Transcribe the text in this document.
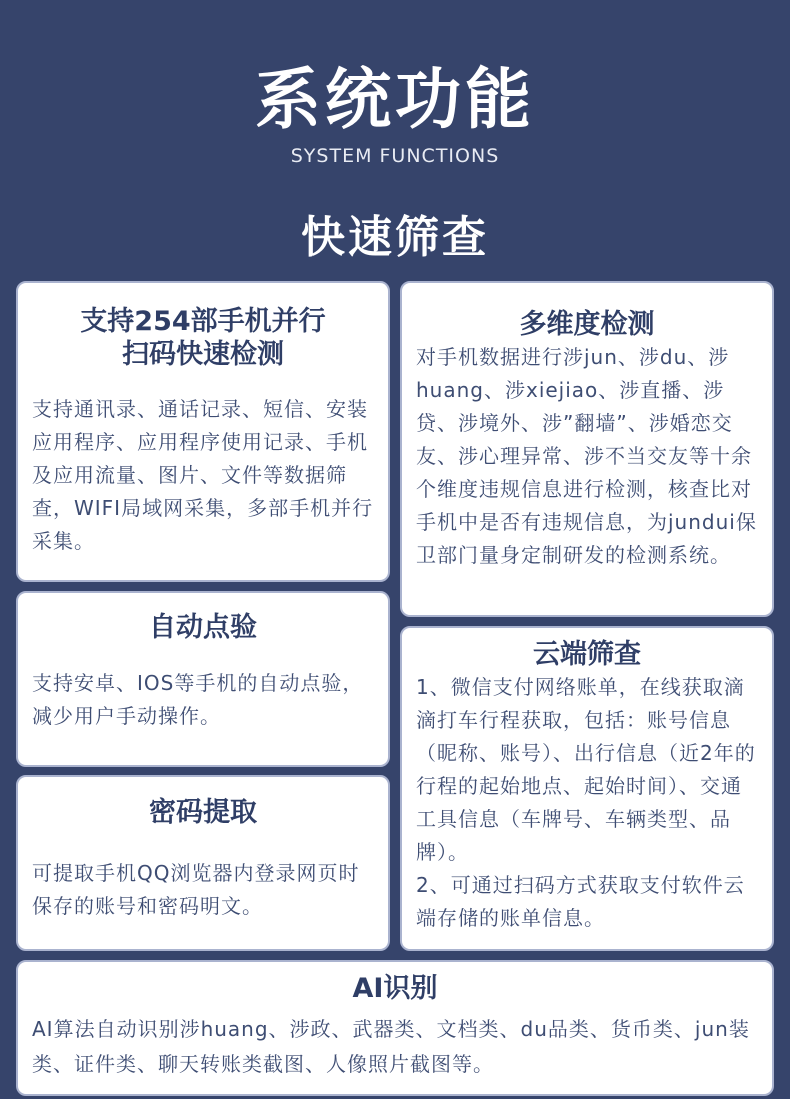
系统功能
SYSTEM FUNCTIONS
快速筛查
支持254部手机并行
扫码快速检测

支持通讯录、通话记录、短信、安装应用程序、应用程序使用记录、手机及应用流量、图片、文件等数据筛查，WIFI局域网采集，多部手机并行采集。

自动点验

支持安卓、IOS等手机的自动点验，减少用户手动操作。

密码提取

可提取手机QQ浏览器内登录网页时保存的账号和密码明文。

多维度检测

对手机数据进行涉jun、涉du、涉huang、涉xiejiao、涉直播、涉贷、涉境外、涉”翻墙”、涉婚恋交友、涉心理异常、涉不当交友等十余个维度违规信息进行检测，核查比对手机中是否有违规信息，为jundui保卫部门量身定制研发的检测系统。

云端筛查

1、微信支付网络账单，在线获取滴滴打车行程获取，包括：账号信息（昵称、账号）、出行信息（近2年的行程的起始地点、起始时间）、交通工具信息（车牌号、车辆类型、品牌）。
2、可通过扫码方式获取支付软件云端存储的账单信息。

AI识别

AI算法自动识别涉huang、涉政、武器类、文档类、du品类、货币类、jun装类、证件类、聊天转账类截图、人像照片截图等。
